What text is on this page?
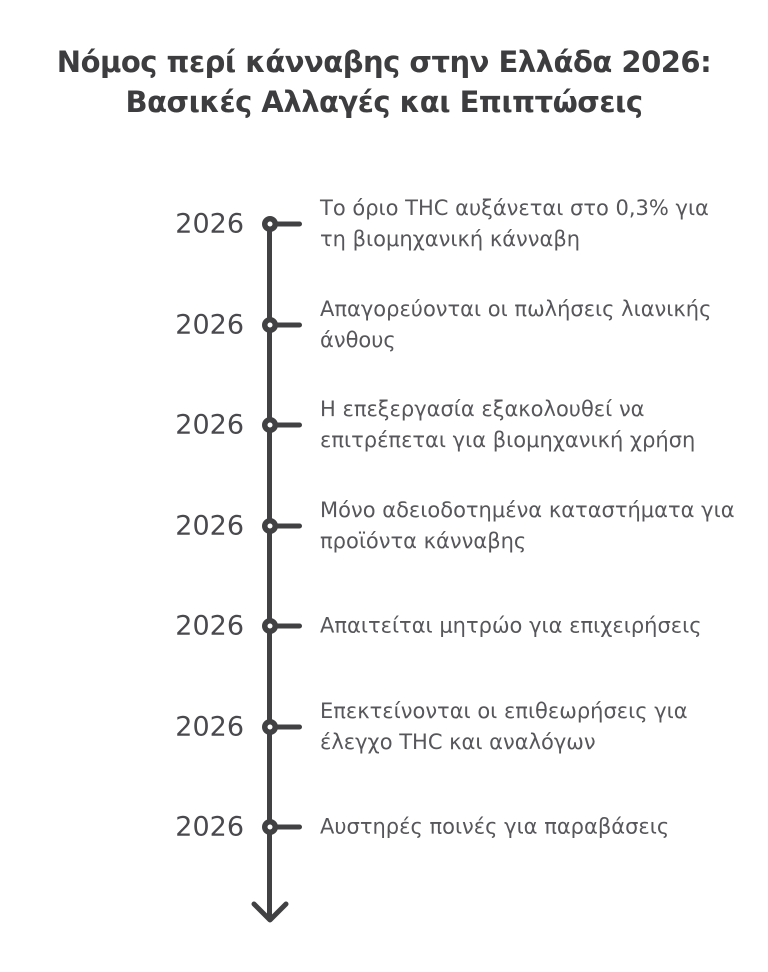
Νόμος περί κάνναβης στην Ελλάδα 2026: Βασικές Αλλαγές και Επιπτώσεις
2026
Το όριο THC αυξάνεται στο 0,3% για τη βιομηχανική κάνναβη
2026
Απαγορεύονται οι πωλήσεις λιανικής άνθους
2026
Η επεξεργασία εξακολουθεί να επιτρέπεται για βιομηχανική χρήση
2026
Μόνο αδειοδοτημένα καταστήματα για προϊόντα κάνναβης
2026	Απαιτείται μητρώο για επιχειρήσεις
2026
Επεκτείνονται οι επιθεωρήσεις για έλεγχο THC και αναλόγων
2026	Αυστηρές ποινές για παραβάσεις
